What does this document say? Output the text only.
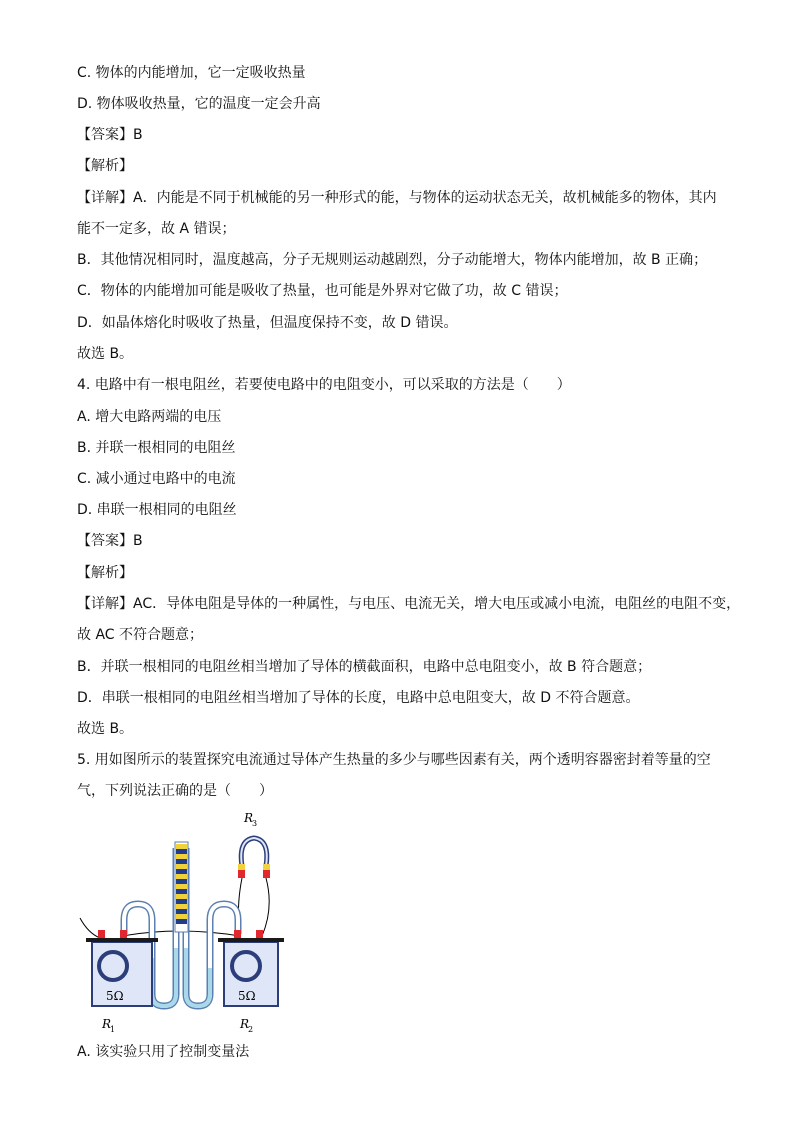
C. 物体的内能增加，它一定吸收热量
D. 物体吸收热量，它的温度一定会升高
【答案】B
【解析】
【详解】A．内能是不同于机械能的另一种形式的能，与物体的运动状态无关，故机械能多的物体，其内
能不一定多，故 A 错误；
B．其他情况相同时，温度越高，分子无规则运动越剧烈，分子动能增大，物体内能增加，故 B 正确；
C．物体的内能增加可能是吸收了热量，也可能是外界对它做了功，故 C 错误；
D．如晶体熔化时吸收了热量，但温度保持不变，故 D 错误。
故选 B。
4. 电路中有一根电阻丝，若要使电路中的电阻变小，可以采取的方法是（　　）
A. 增大电路两端的电压
B. 并联一根相同的电阻丝
C. 减小通过电路中的电流
D. 串联一根相同的电阻丝
【答案】B
【解析】
【详解】AC．导体电阻是导体的一种属性，与电压、电流无关，增大电压或减小电流，电阻丝的电阻不变，
故 AC 不符合题意；
B．并联一根相同的电阻丝相当增加了导体的横截面积，电路中总电阻变小，故 B 符合题意；
D．串联一根相同的电阻丝相当增加了导体的长度，电路中总电阻变大，故 D 不符合题意。
故选 B。
5. 用如图所示的装置探究电流通过导体产生热量的多少与哪些因素有关，两个透明容器密封着等量的空
气，下列说法正确的是（　　）
R
3
5Ω
R
1
5Ω
R
2
A. 该实验只用了控制变量法
